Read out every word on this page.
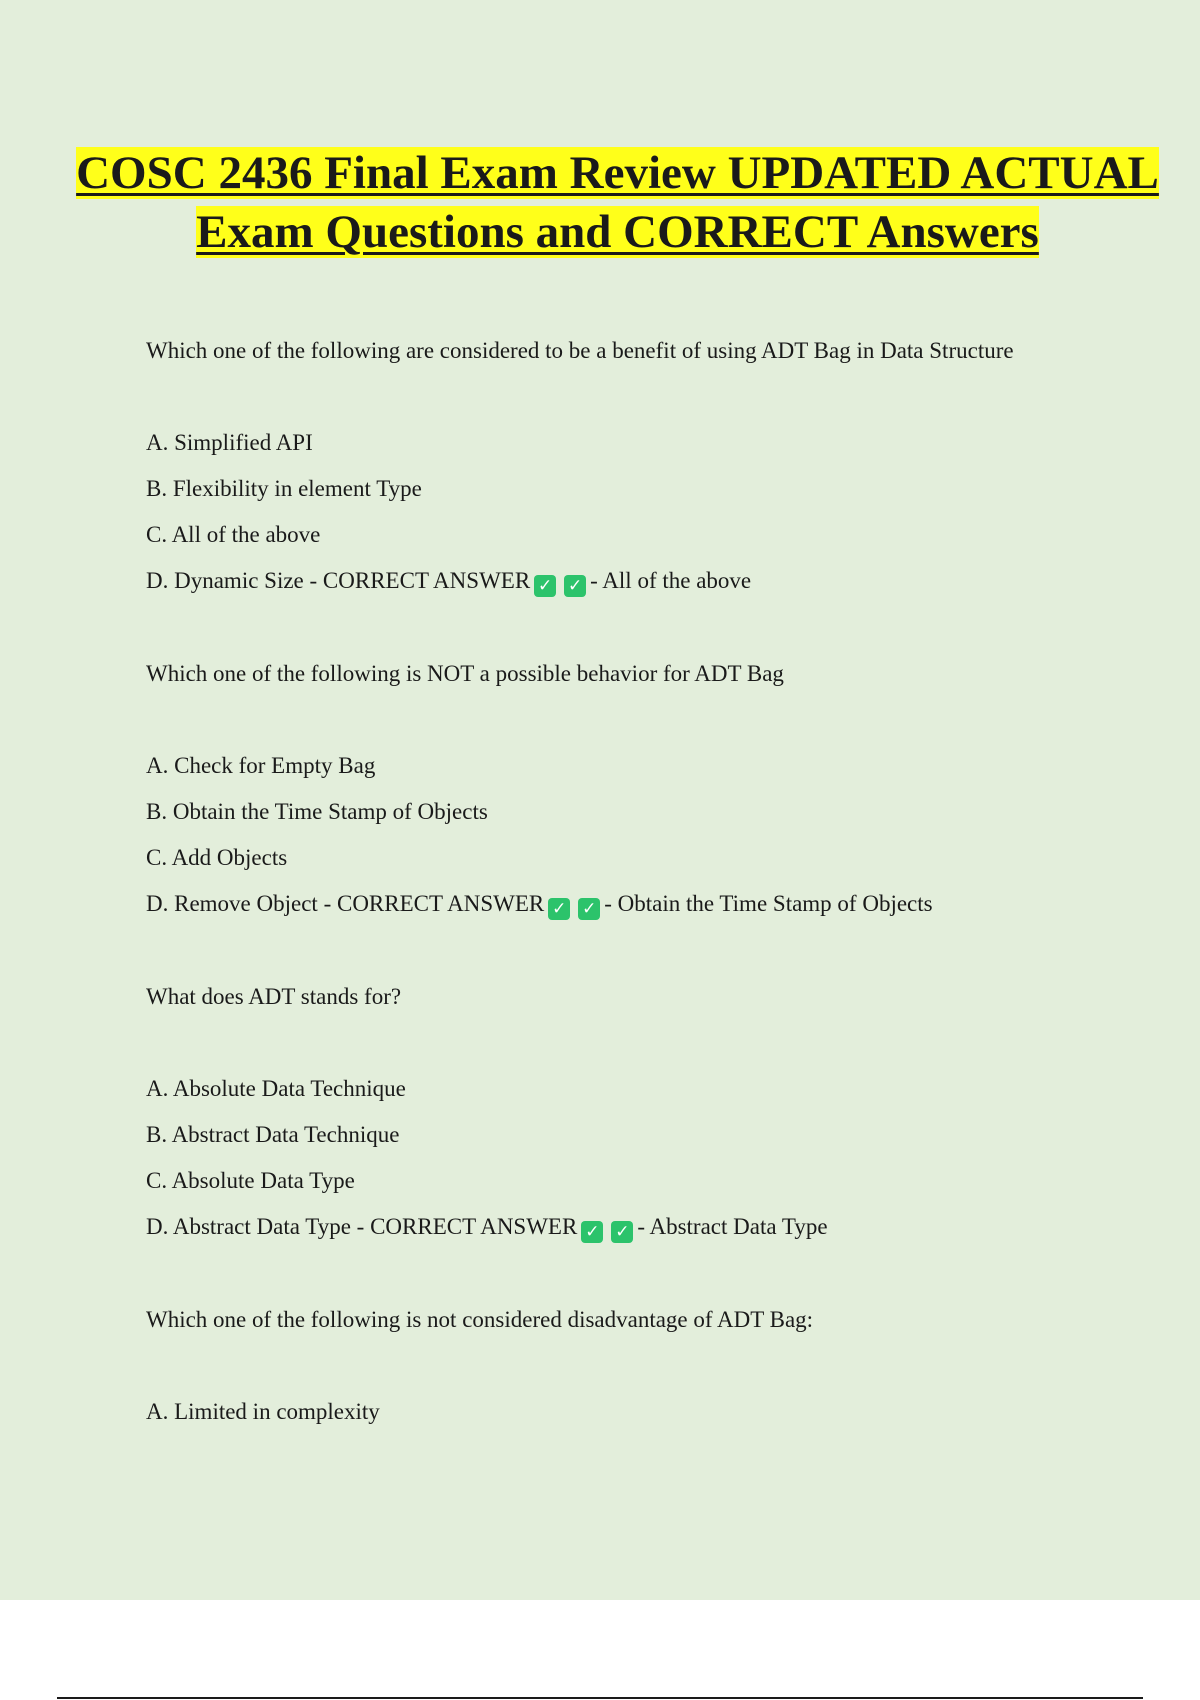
COSC 2436 Final Exam Review UPDATED ACTUAL Exam Questions and CORRECT Answers

Which one of the following are considered to be a benefit of using ADT Bag in Data Structure

A. Simplified API

B. Flexibility in element Type

C. All of the above

D. Dynamic Size - CORRECT ANSWER ✓ ✓ - All of the above

Which one of the following is NOT a possible behavior for ADT Bag

A. Check for Empty Bag

B. Obtain the Time Stamp of Objects

C. Add Objects

D. Remove Object - CORRECT ANSWER ✓ ✓ - Obtain the Time Stamp of Objects

What does ADT stands for?

A. Absolute Data Technique

B. Abstract Data Technique

C. Absolute Data Type

D. Abstract Data Type - CORRECT ANSWER ✓ ✓ - Abstract Data Type

Which one of the following is not considered disadvantage of ADT Bag:

A. Limited in complexity
